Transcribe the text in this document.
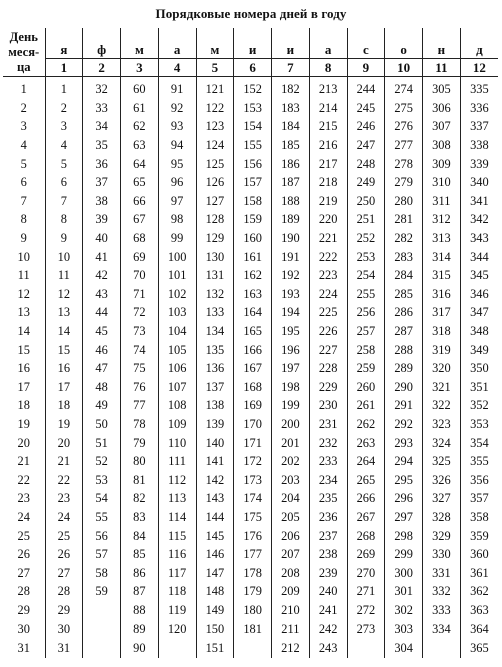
Порядковые номера дней в году
День
меся-
ца	я	ф	м	а	м	и	и	а	с	о	н	д
	1	2	3	4	5	6	7	8	9	10	11	12
1	1	32	60	91	121	152	182	213	244	274	305	335
2	2	33	61	92	122	153	183	214	245	275	306	336
3	3	34	62	93	123	154	184	215	246	276	307	337
4	4	35	63	94	124	155	185	216	247	277	308	338
5	5	36	64	95	125	156	186	217	248	278	309	339
6	6	37	65	96	126	157	187	218	249	279	310	340
7	7	38	66	97	127	158	188	219	250	280	311	341
8	8	39	67	98	128	159	189	220	251	281	312	342
9	9	40	68	99	129	160	190	221	252	282	313	343
10	10	41	69	100	130	161	191	222	253	283	314	344
11	11	42	70	101	131	162	192	223	254	284	315	345
12	12	43	71	102	132	163	193	224	255	285	316	346
13	13	44	72	103	133	164	194	225	256	286	317	347
14	14	45	73	104	134	165	195	226	257	287	318	348
15	15	46	74	105	135	166	196	227	258	288	319	349
16	16	47	75	106	136	167	197	228	259	289	320	350
17	17	48	76	107	137	168	198	229	260	290	321	351
18	18	49	77	108	138	169	199	230	261	291	322	352
19	19	50	78	109	139	170	200	231	262	292	323	353
20	20	51	79	110	140	171	201	232	263	293	324	354
21	21	52	80	111	141	172	202	233	264	294	325	355
22	22	53	81	112	142	173	203	234	265	295	326	356
23	23	54	82	113	143	174	204	235	266	296	327	357
24	24	55	83	114	144	175	205	236	267	297	328	358
25	25	56	84	115	145	176	206	237	268	298	329	359
26	26	57	85	116	146	177	207	238	269	299	330	360
27	27	58	86	117	147	178	208	239	270	300	331	361
28	28	59	87	118	148	179	209	240	271	301	332	362
29	29		88	119	149	180	210	241	272	302	333	363
30	30		89	120	150	181	211	242	273	303	334	364
31	31		90		151		212	243		304		365
